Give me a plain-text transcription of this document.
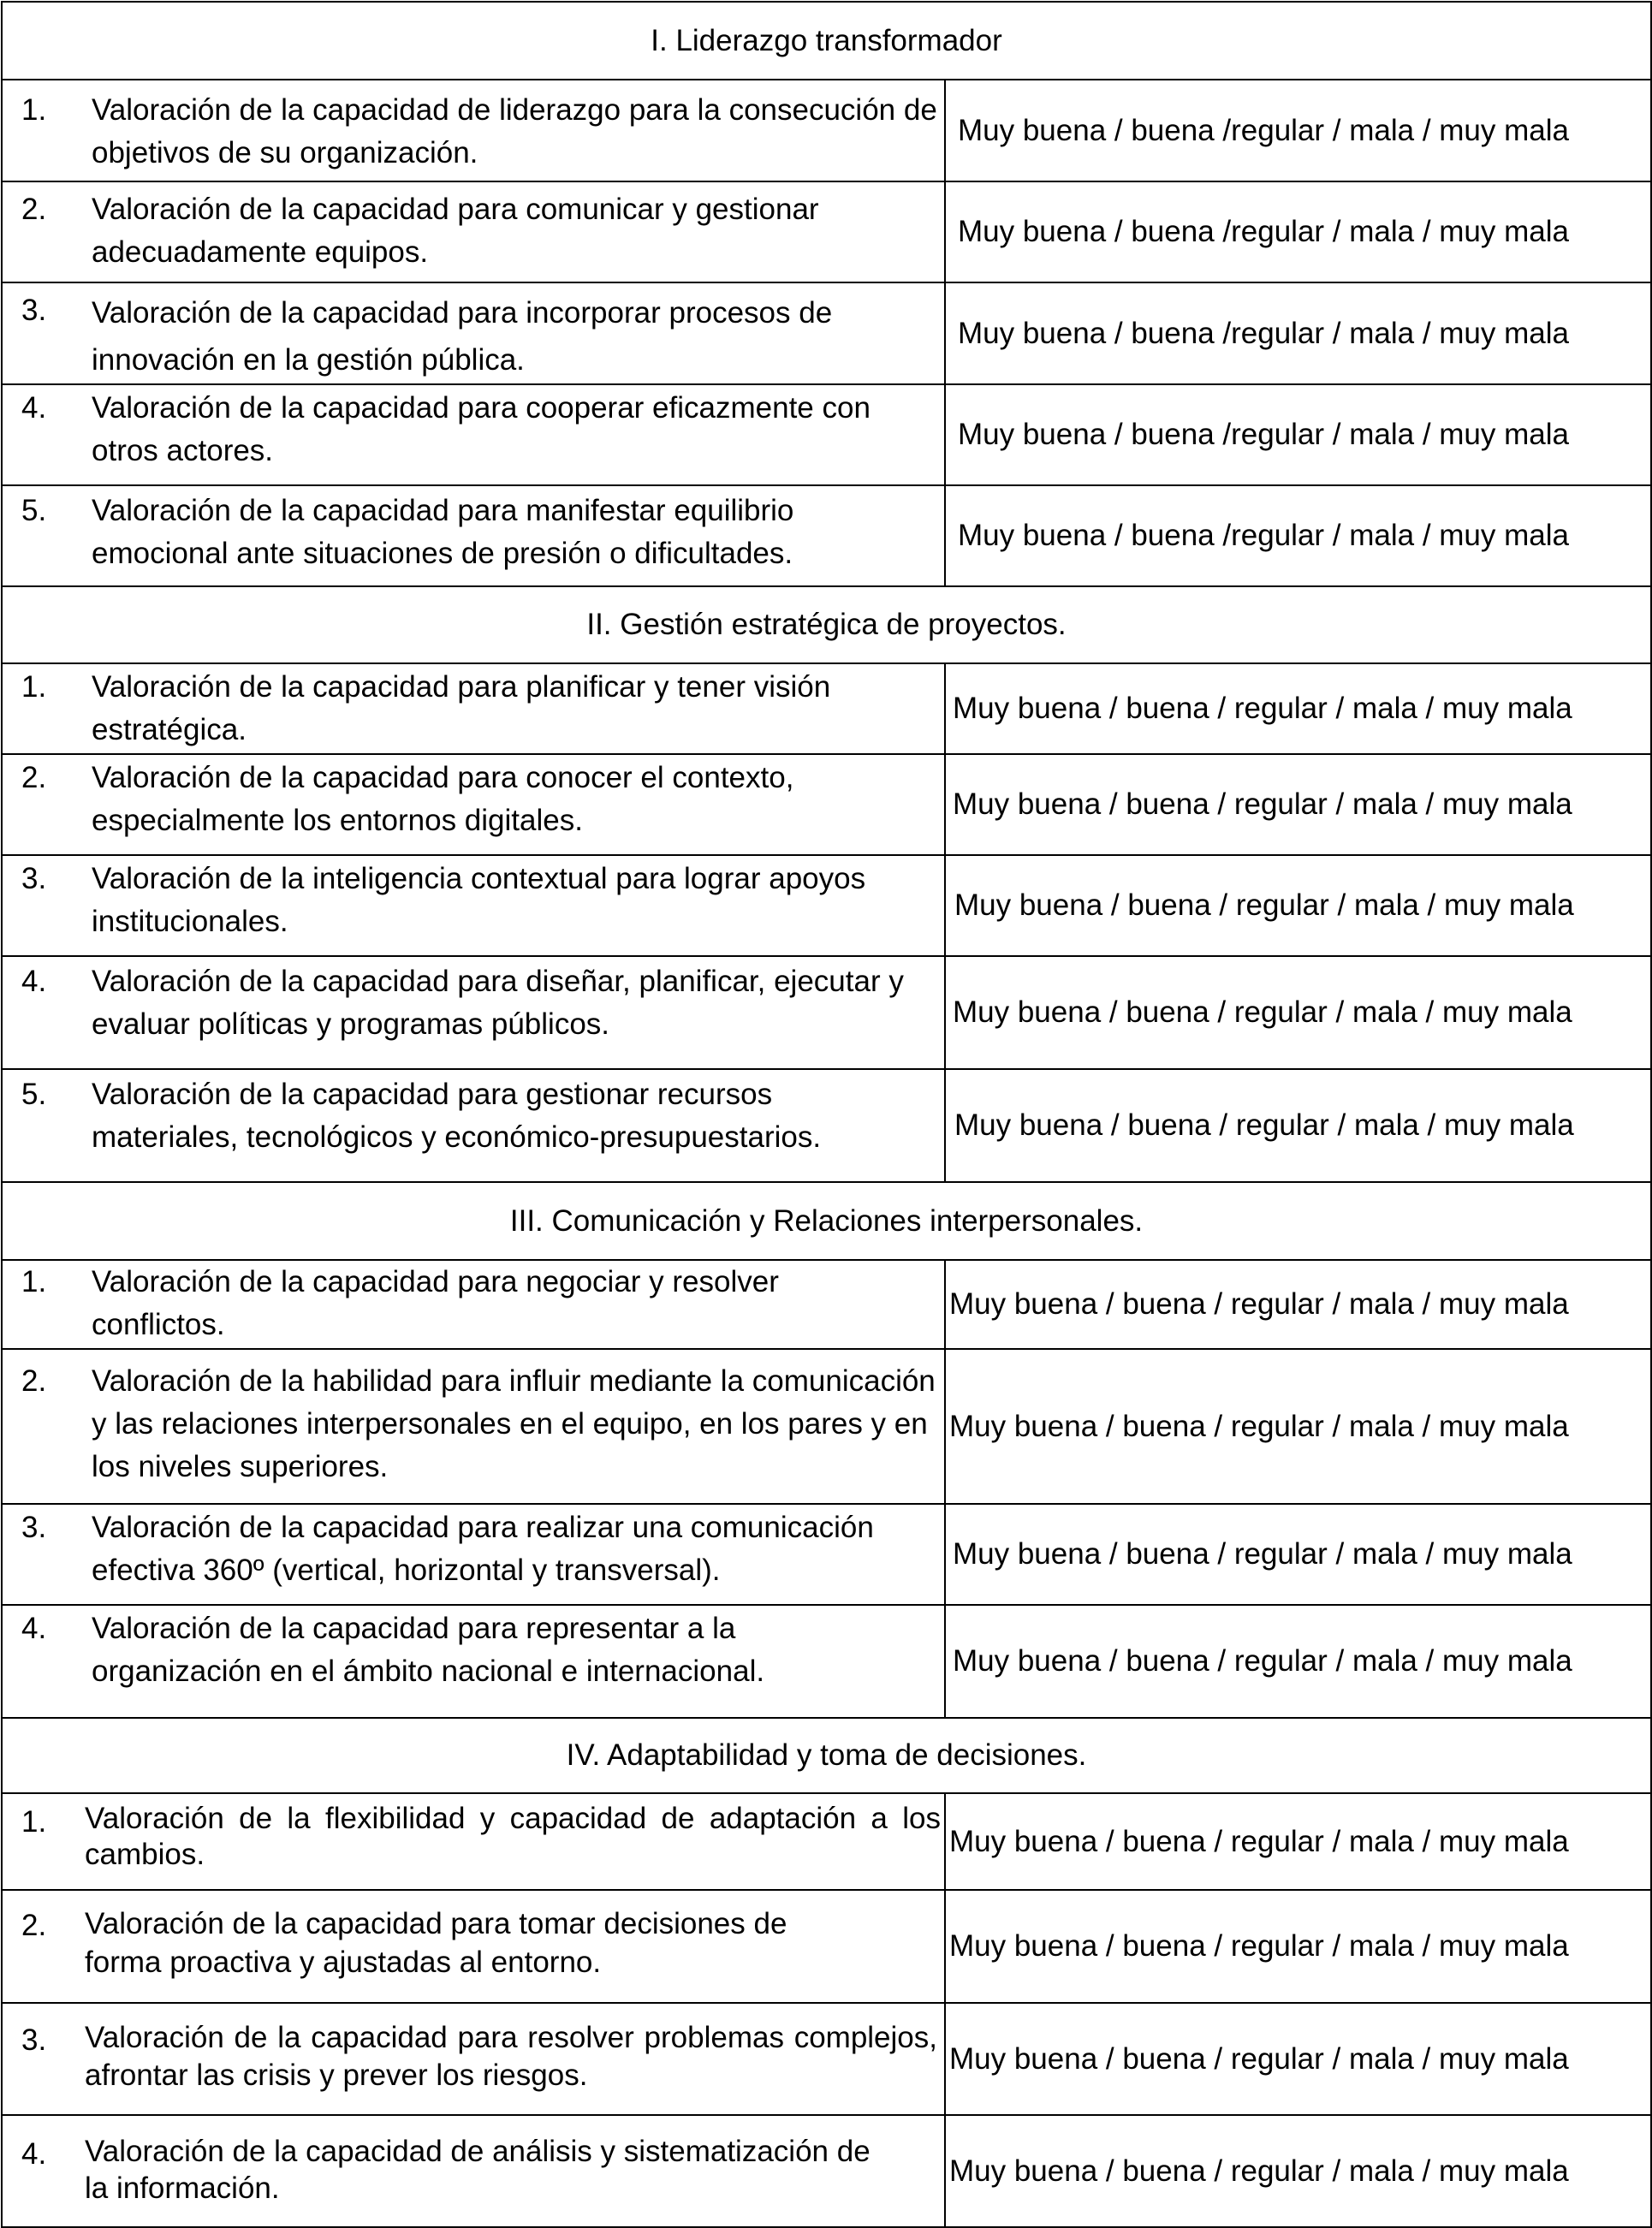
I. Liderazgo transformador	

1. Valoración de la capacidad de liderazgo para la consecución de objetivos de su organización.	Muy buena / buena /regular / mala / muy mala

2. Valoración de la capacidad para comunicar y gestionar adecuadamente equipos.	Muy buena / buena /regular / mala / muy mala

3. Valoración de la capacidad para incorporar procesos de innovación en la gestión pública.	Muy buena / buena /regular / mala / muy mala

4. Valoración de la capacidad para cooperar eficazmente con otros actores.	Muy buena / buena /regular / mala / muy mala

5. Valoración de la capacidad para manifestar equilibrio emocional ante situaciones de presión o dificultades.	Muy buena / buena /regular / mala / muy mala
II. Gestión estratégica de proyectos.	

1. Valoración de la capacidad para planificar y tener visión estratégica.	Muy buena / buena / regular / mala / muy mala

2. Valoración de la capacidad para conocer el contexto, especialmente los entornos digitales.	Muy buena / buena / regular / mala / muy mala

3. Valoración de la inteligencia contextual para lograr apoyos institucionales.	Muy buena / buena / regular / mala / muy mala

4. Valoración de la capacidad para diseñar, planificar, ejecutar y evaluar políticas y programas públicos.	Muy buena / buena / regular / mala / muy mala

5. Valoración de la capacidad para gestionar recursos materiales, tecnológicos y económico-presupuestarios.	Muy buena / buena / regular / mala / muy mala
III. Comunicación y Relaciones interpersonales.	

1. Valoración de la capacidad para negociar y resolver conflictos.	Muy buena / buena / regular / mala / muy mala

2. Valoración de la habilidad para influir mediante la comunicación y las relaciones interpersonales en el equipo, en los pares y en los niveles superiores.	Muy buena / buena / regular / mala / muy mala

3. Valoración de la capacidad para realizar una comunicación efectiva 360º (vertical, horizontal y transversal).	Muy buena / buena / regular / mala / muy mala

4. Valoración de la capacidad para representar a la organización en el ámbito nacional e internacional.	Muy buena / buena / regular / mala / muy mala
IV. Adaptabilidad y toma de decisiones.	

1. Valoración de la flexibilidad y capacidad de adaptación a los cambios.	Muy buena / buena / regular / mala / muy mala

2. Valoración de la capacidad para tomar decisiones de forma proactiva y ajustadas al entorno.	Muy buena / buena / regular / mala / muy mala

3. Valoración de la capacidad para resolver problemas complejos, afrontar las crisis y prever los riesgos.	Muy buena / buena / regular / mala / muy mala

4. Valoración de la capacidad de análisis y sistematización de la información.	Muy buena / buena / regular / mala / muy mala
